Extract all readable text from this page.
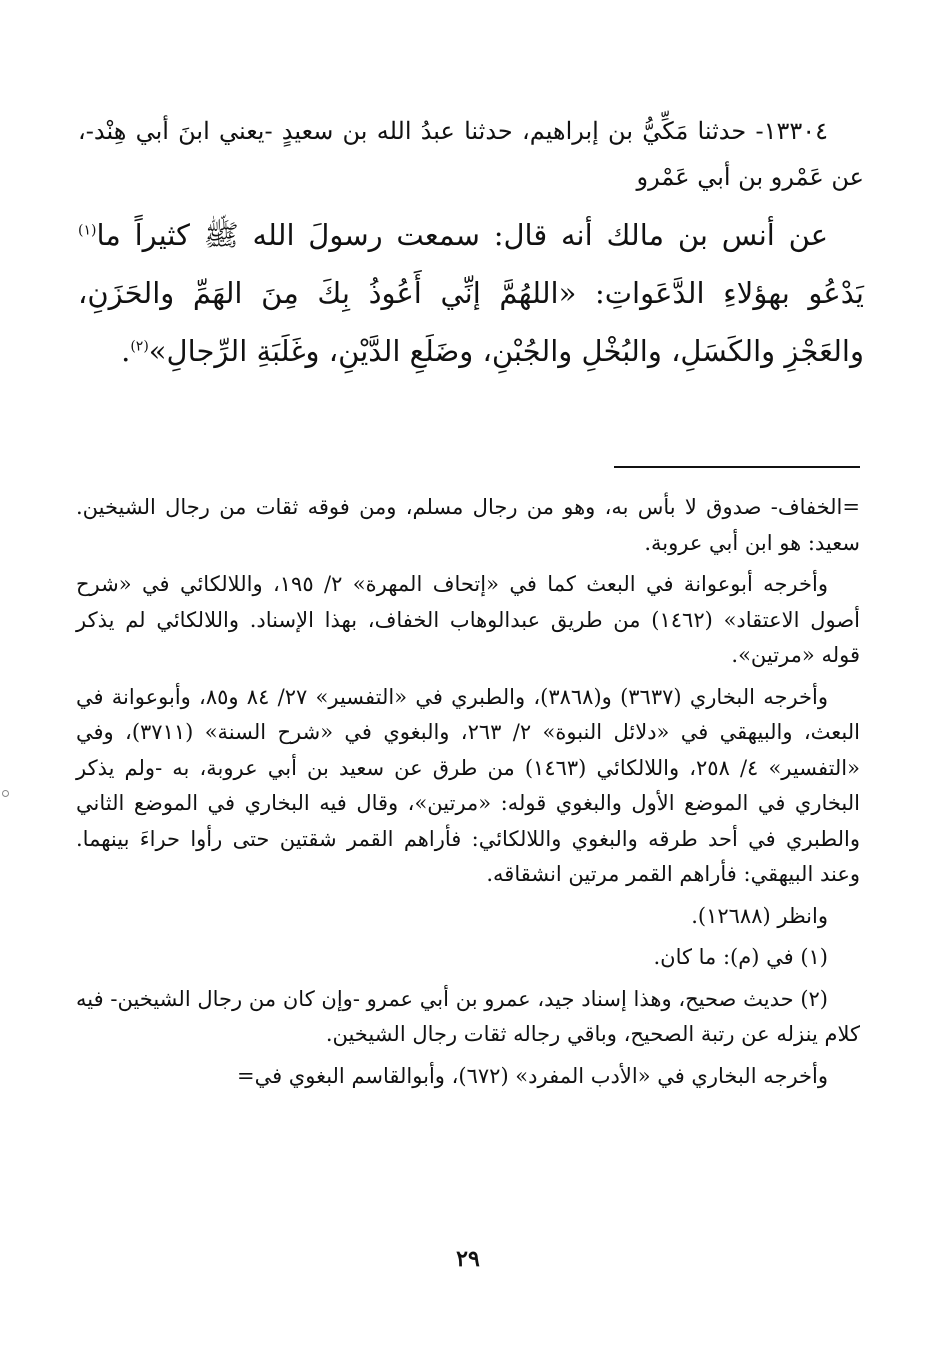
١٣٣٠٤- حدثنا مَكِّيُّ بن إبراهيم، حدثنا عبدُ الله بن سعيدٍ -يعني ابنَ أبي هِنْد-، عن عَمْرو بن أبي عَمْرو

عن أنس بن مالك أنه قال: سمعت رسولَ الله ﷺ كثيراً ما$^{(١)}$ يَدْعُو بهؤلاءِ الدَّعَواتِ: «اللهُمَّ إنِّي أَعُوذُ بِكَ مِنَ الهَمِّ والحَزَنِ، والعَجْزِ والكَسَلِ، والبُخْلِ والجُبْنِ، وضَلَعِ الدَّيْنِ، وغَلَبَةِ الرِّجالِ»$^{(٢)}$.

=الخفاف- صدوق لا بأس به، وهو من رجال مسلم، ومن فوقه ثقات من رجال الشيخين. سعيد: هو ابن أبي عروبة.

وأخرجه أبوعوانة في البعث كما في «إتحاف المهرة» ٢/ ١٩٥، واللالكائي في «شرح أصول الاعتقاد» (١٤٦٢) من طريق عبدالوهاب الخفاف، بهذا الإسناد. واللالكائي لم يذكر قوله «مرتين».

وأخرجه البخاري (٣٦٣٧) و(٣٨٦٨)، والطبري في «التفسير» ٢٧/ ٨٤ و٨٥، وأبوعوانة في البعث، والبيهقي في «دلائل النبوة» ٢/ ٢٦٣، والبغوي في «شرح السنة» (٣٧١١)، وفي «التفسير» ٤/ ٢٥٨، واللالكائي (١٤٦٣) من طرق عن سعيد بن أبي عروبة، به -ولم يذكر البخاري في الموضع الأول والبغوي قوله: «مرتين»، وقال فيه البخاري في الموضع الثاني والطبري في أحد طرقه والبغوي واللالكائي: فأراهم القمر شقتين حتى رأوا حراءَ بينهما. وعند البيهقي: فأراهم القمر مرتين انشقاقه.

وانظر (١٢٦٨٨).

(١) في (م): ما كان.

(٢) حديث صحيح، وهذا إسناد جيد، عمرو بن أبي عمرو -وإن كان من رجال الشيخين- فيه كلام ينزله عن رتبة الصحيح، وباقي رجاله ثقات رجال الشيخين.

وأخرجه البخاري في «الأدب المفرد» (٦٧٢)، وأبوالقاسم البغوي في=

٢٩
